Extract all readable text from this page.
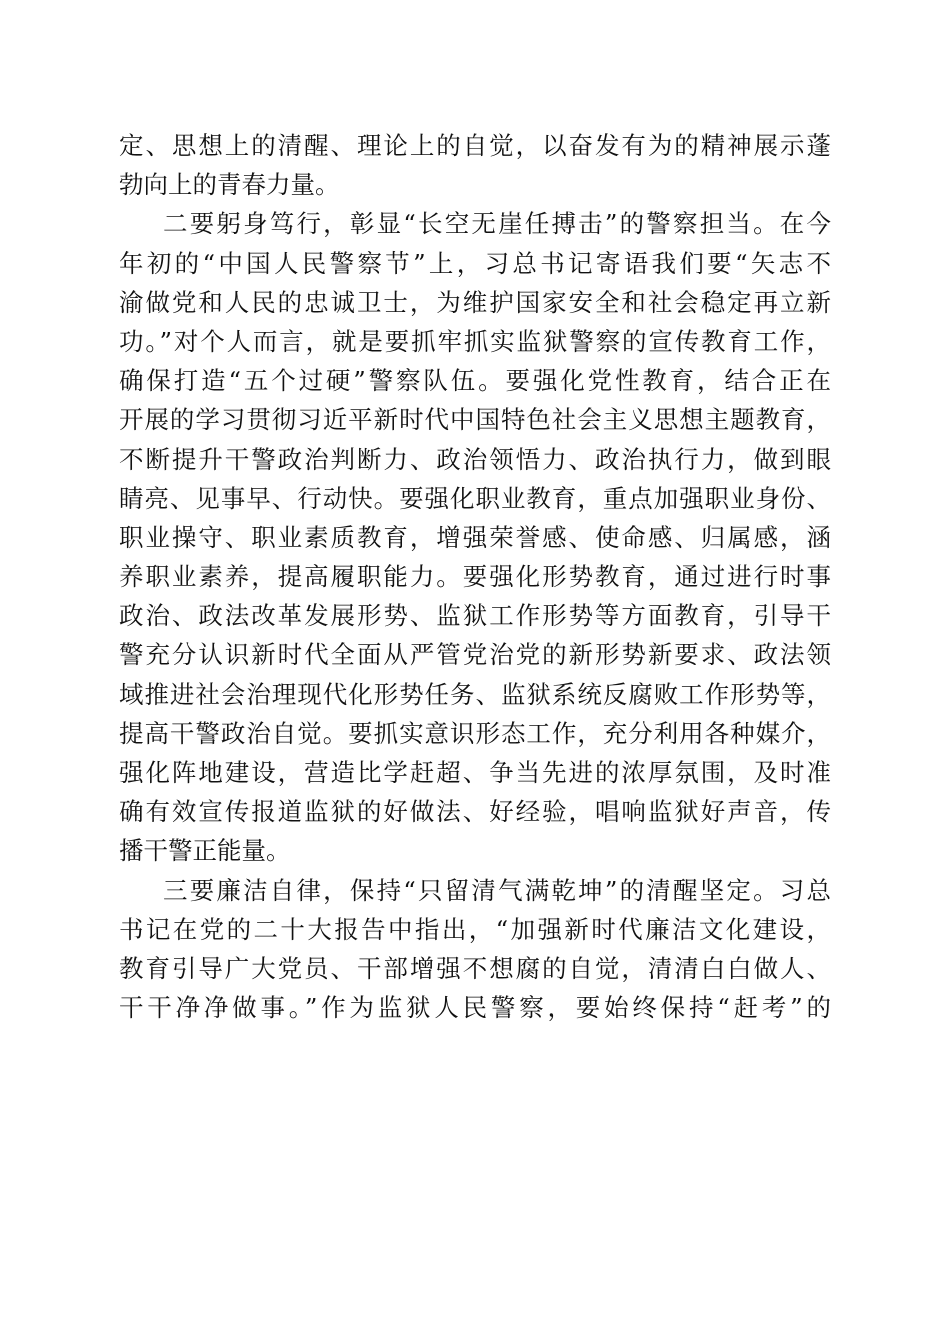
定、思想上的清醒、理论上的自觉，以奋发有为的精神展示蓬
勃向上的青春力量。
二要躬身笃行，彰显“长空无崖任搏击”的警察担当。在今
年初的“中国人民警察节”上，习总书记寄语我们要“矢志不
渝做党和人民的忠诚卫士，为维护国家安全和社会稳定再立新
功。”对个人而言，就是要抓牢抓实监狱警察的宣传教育工作，
确保打造“五个过硬”警察队伍。要强化党性教育，结合正在
开展的学习贯彻习近平新时代中国特色社会主义思想主题教育，
不断提升干警政治判断力、政治领悟力、政治执行力，做到眼
睛亮、见事早、行动快。要强化职业教育，重点加强职业身份、
职业操守、职业素质教育，增强荣誉感、使命感、归属感，涵
养职业素养，提高履职能力。要强化形势教育，通过进行时事
政治、政法改革发展形势、监狱工作形势等方面教育，引导干
警充分认识新时代全面从严管党治党的新形势新要求、政法领
域推进社会治理现代化形势任务、监狱系统反腐败工作形势等，
提高干警政治自觉。要抓实意识形态工作，充分利用各种媒介，
强化阵地建设，营造比学赶超、争当先进的浓厚氛围，及时准
确有效宣传报道监狱的好做法、好经验，唱响监狱好声音，传
播干警正能量。
三要廉洁自律，保持“只留清气满乾坤”的清醒坚定。习总
书记在党的二十大报告中指出，“加强新时代廉洁文化建设，
教育引导广大党员、干部增强不想腐的自觉，清清白白做人、
干干净净做事。”作为监狱人民警察，要始终保持“赶考”的
